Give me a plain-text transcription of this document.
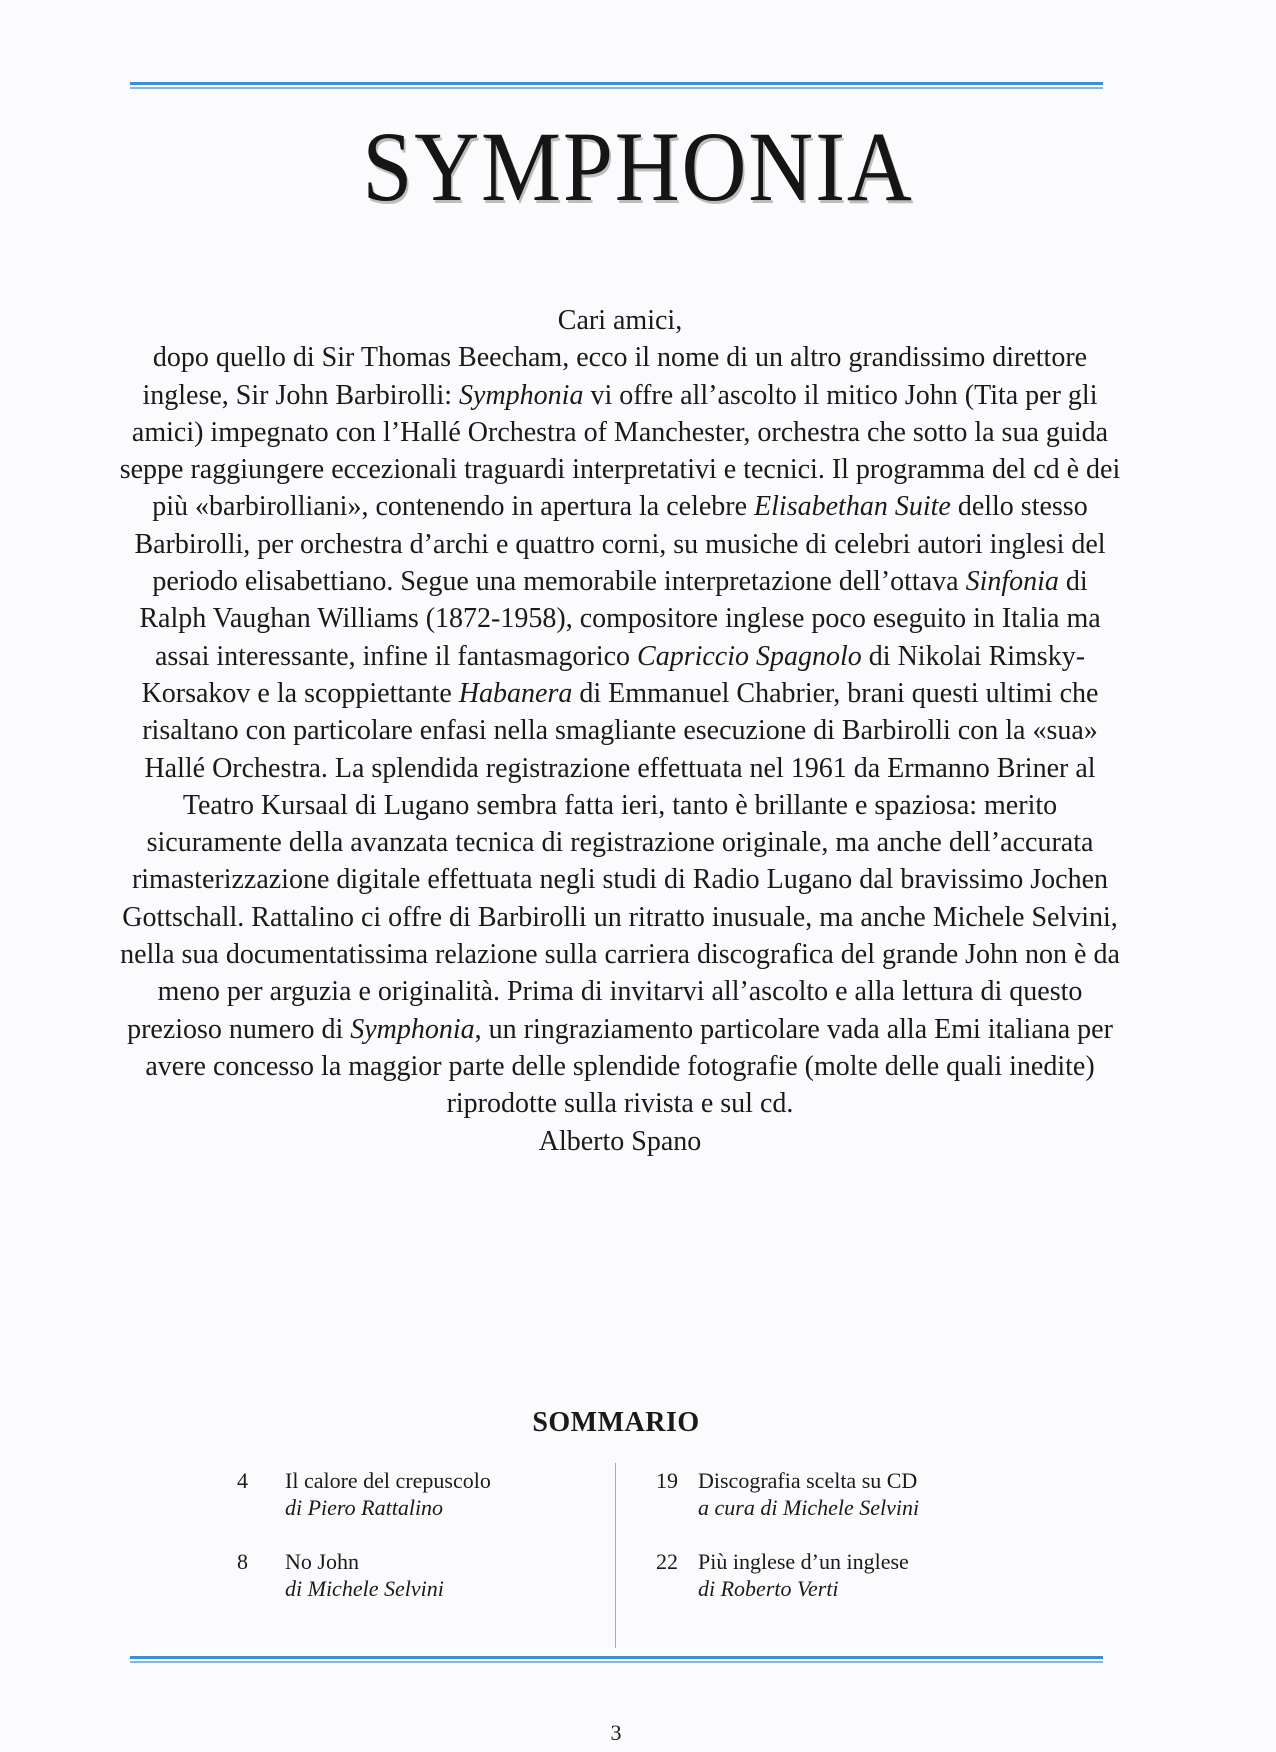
SYMPHONIA

Cari amici,

dopo quello di Sir Thomas Beecham, ecco il nome di un altro grandissimo direttore inglese, Sir John Barbirolli: Symphonia vi offre all’ascolto il mitico John (Tita per gli amici) impegnato con l’Hallé Orchestra of Manchester, orchestra che sotto la sua guida seppe raggiungere eccezionali traguardi interpretativi e tecnici. Il programma del cd è dei più «barbirolliani», contenendo in apertura la celebre Elisabethan Suite dello stesso Barbirolli, per orchestra d’archi e quattro corni, su musiche di celebri autori inglesi del periodo elisabettiano. Segue una memorabile interpretazione dell’ottava Sinfonia di Ralph Vaughan Williams (1872-1958), compositore inglese poco eseguito in Italia ma assai interessante, infine il fantasmagorico Capriccio Spagnolo di Nikolai Rimsky-Korsakov e la scoppiettante Habanera di Emmanuel Chabrier, brani questi ultimi che risaltano con particolare enfasi nella smagliante esecuzione di Barbirolli con la «sua» Hallé Orchestra. La splendida registrazione effettuata nel 1961 da Ermanno Briner al Teatro Kursaal di Lugano sembra fatta ieri, tanto è brillante e spaziosa: merito sicuramente della avanzata tecnica di registrazione originale, ma anche dell’accurata rimasterizzazione digitale effettuata negli studi di Radio Lugano dal bravissimo Jochen Gottschall. Rattalino ci offre di Barbirolli un ritratto inusuale, ma anche Michele Selvini, nella sua documentatissima relazione sulla carriera discografica del grande John non è da meno per arguzia e originalità. Prima di invitarvi all’ascolto e alla lettura di questo prezioso numero di Symphonia, un ringraziamento particolare vada alla Emi italiana per avere concesso la maggior parte delle splendide fotografie (molte delle quali inedite) riprodotte sulla rivista e sul cd.

Alberto Spano

SOMMARIO
4 Il calore del crepuscolo
di Piero Rattalino
8 No John
di Michele Selvini
19 Discografia scelta su CD
a cura di Michele Selvini
22 Più inglese d’un inglese
di Roberto Verti
3
